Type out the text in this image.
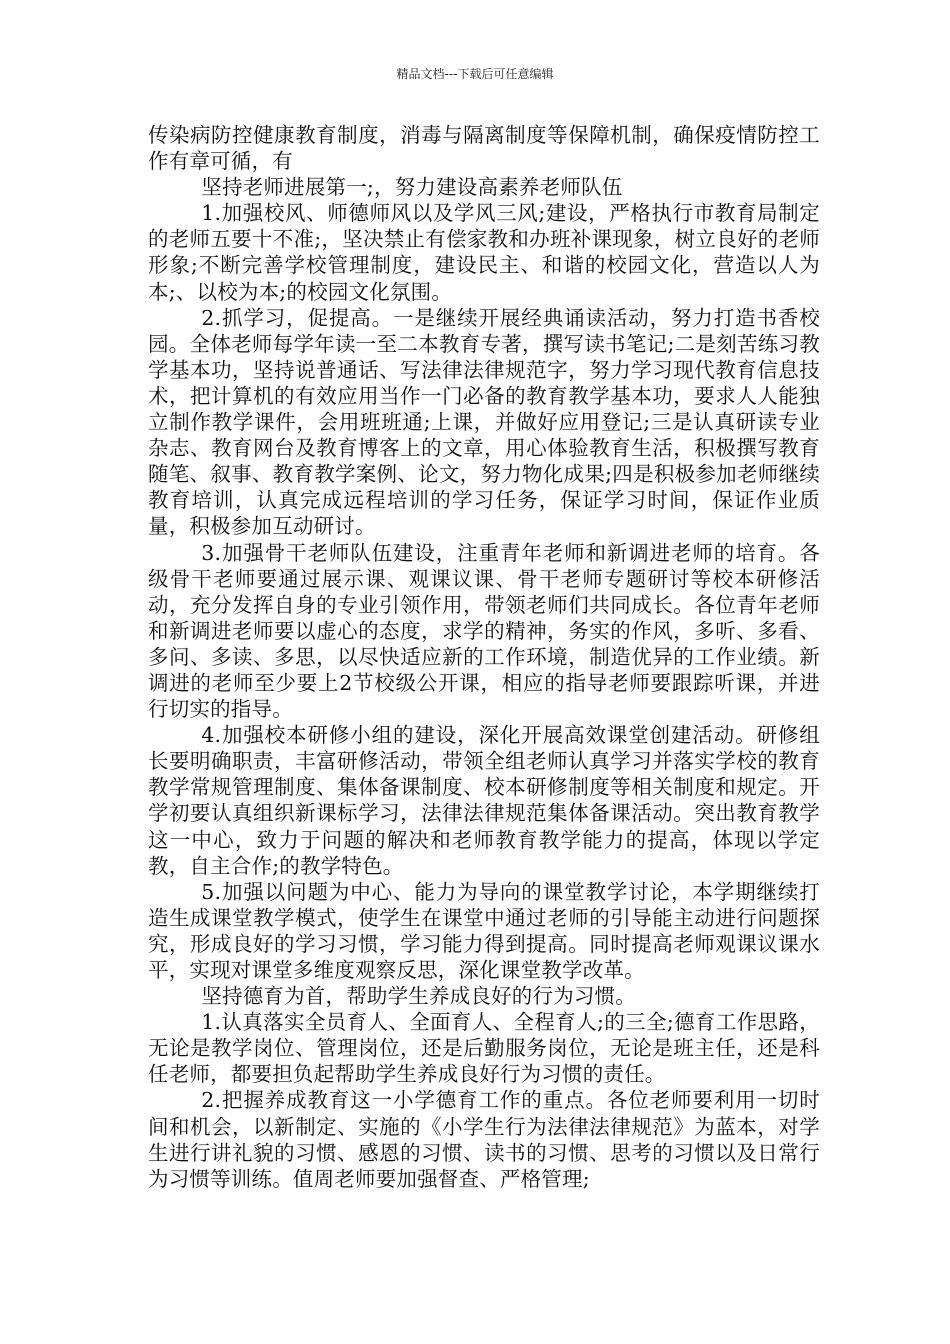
精品文档---下载后可任意编辑

传染病防控健康教育制度，消毒与隔离制度等保障机制，确保疫情防控工作有章可循，有

坚持老师进展第一;，努力建设高素养老师队伍

1.加强校风、师德师风以及学风三风;建设，严格执行市教育局制定的老师五要十不准;，坚决禁止有偿家教和办班补课现象，树立良好的老师形象;不断完善学校管理制度，建设民主、和谐的校园文化，营造以人为本;、以校为本;的校园文化氛围。

2.抓学习，促提高。一是继续开展经典诵读活动，努力打造书香校园。全体老师每学年读一至二本教育专著，撰写读书笔记;二是刻苦练习教学基本功，坚持说普通话、写法律法律规范字，努力学习现代教育信息技术，把计算机的有效应用当作一门必备的教育教学基本功，要求人人能独立制作教学课件，会用班班通;上课，并做好应用登记;三是认真研读专业杂志、教育网台及教育博客上的文章，用心体验教育生活，积极撰写教育随笔、叙事、教育教学案例、论文，努力物化成果;四是积极参加老师继续教育培训，认真完成远程培训的学习任务，保证学习时间，保证作业质量，积极参加互动研讨。

3.加强骨干老师队伍建设，注重青年老师和新调进老师的培育。各级骨干老师要通过展示课、观课议课、骨干老师专题研讨等校本研修活动，充分发挥自身的专业引领作用，带领老师们共同成长。各位青年老师和新调进老师要以虚心的态度，求学的精神，务实的作风，多听、多看、多问、多读、多思，以尽快适应新的工作环境，制造优异的工作业绩。新调进的老师至少要上2节校级公开课，相应的指导老师要跟踪听课，并进行切实的指导。

4.加强校本研修小组的建设，深化开展高效课堂创建活动。研修组长要明确职责，丰富研修活动，带领全组老师认真学习并落实学校的教育教学常规管理制度、集体备课制度、校本研修制度等相关制度和规定。开学初要认真组织新课标学习，法律法律规范集体备课活动。突出教育教学这一中心，致力于问题的解决和老师教育教学能力的提高，体现以学定教，自主合作;的教学特色。

5.加强以问题为中心、能力为导向的课堂教学讨论，本学期继续打造生成课堂教学模式，使学生在课堂中通过老师的引导能主动进行问题探究，形成良好的学习习惯，学习能力得到提高。同时提高老师观课议课水平，实现对课堂多维度观察反思，深化课堂教学改革。

坚持德育为首，帮助学生养成良好的行为习惯。

1.认真落实全员育人、全面育人、全程育人;的三全;德育工作思路，无论是教学岗位、管理岗位，还是后勤服务岗位，无论是班主任，还是科任老师，都要担负起帮助学生养成良好行为习惯的责任。

2.把握养成教育这一小学德育工作的重点。各位老师要利用一切时间和机会，以新制定、实施的《小学生行为法律法律规范》为蓝本，对学生进行讲礼貌的习惯、感恩的习惯、读书的习惯、思考的习惯以及日常行为习惯等训练。值周老师要加强督查、严格管理;
